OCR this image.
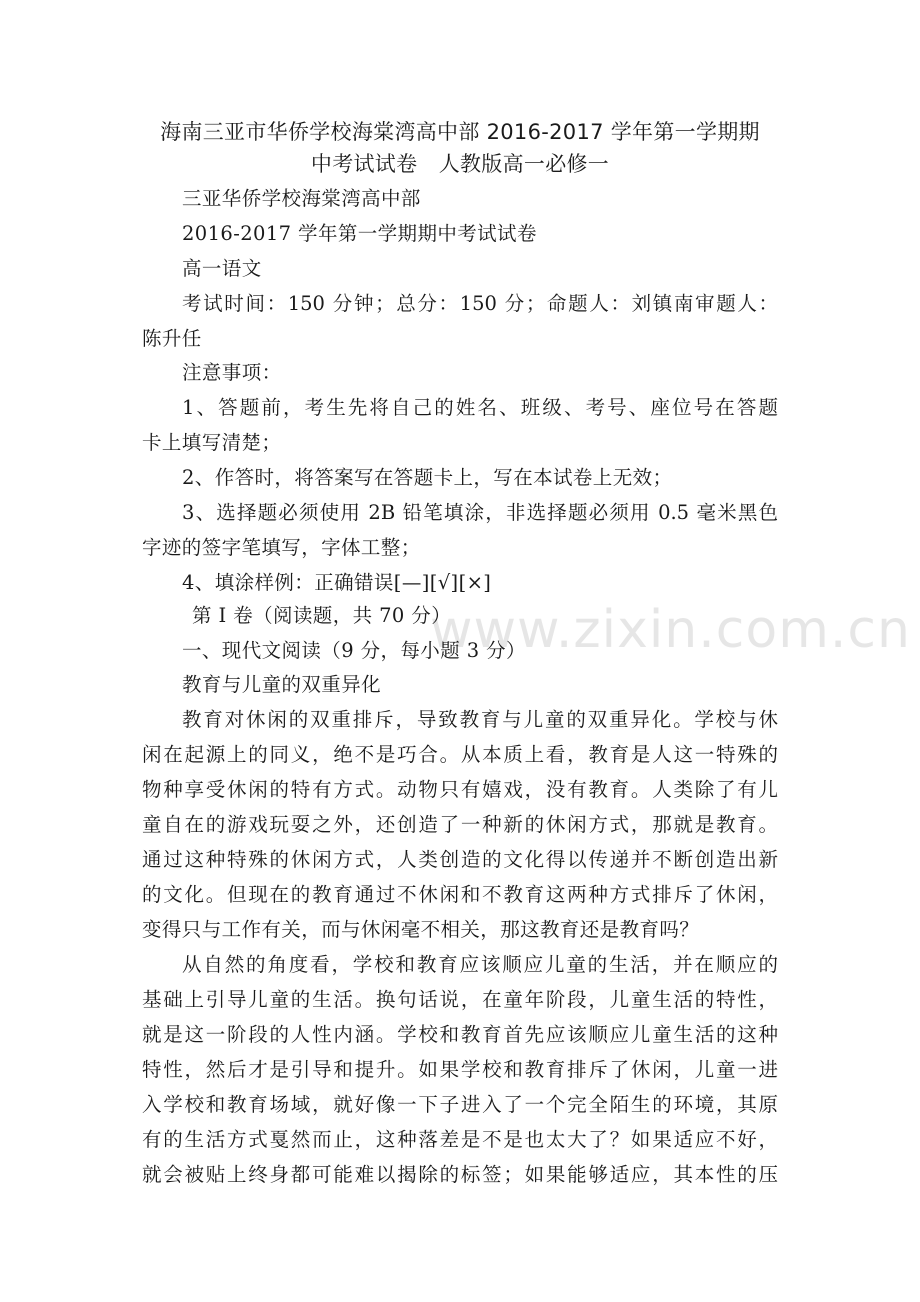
www.zixin.com.cn
海南三亚市华侨学校海棠湾高中部 2016-2017 学年第一学期期
中考试试卷　人教版高一必修一
三亚华侨学校海棠湾高中部
2016-2017 学年第一学期期中考试试卷
高一语文
考试时间：150 分钟；总分：150 分；命题人：刘镇南审题人：
陈升任
注意事项：
1、答题前，考生先将自己的姓名、班级、考号、座位号在答题
卡上填写清楚；
2、作答时，将答案写在答题卡上，写在本试卷上无效；
3、选择题必须使用 2B 铅笔填涂，非选择题必须用 0.5 毫米黑色
字迹的签字笔填写，字体工整；
4、填涂样例：正确错误[—][√][×]
第 I 卷（阅读题，共 70 分）
一、现代文阅读（9 分，每小题 3 分）
教育与儿童的双重异化
教育对休闲的双重排斥，导致教育与儿童的双重异化。学校与休
闲在起源上的同义，绝不是巧合。从本质上看，教育是人这一特殊的
物种享受休闲的特有方式。动物只有嬉戏，没有教育。人类除了有儿
童自在的游戏玩耍之外，还创造了一种新的休闲方式，那就是教育。
通过这种特殊的休闲方式，人类创造的文化得以传递并不断创造出新
的文化。但现在的教育通过不休闲和不教育这两种方式排斥了休闲，
变得只与工作有关，而与休闲毫不相关，那这教育还是教育吗？
从自然的角度看，学校和教育应该顺应儿童的生活，并在顺应的
基础上引导儿童的生活。换句话说，在童年阶段，儿童生活的特性，
就是这一阶段的人性内涵。学校和教育首先应该顺应儿童生活的这种
特性，然后才是引导和提升。如果学校和教育排斥了休闲，儿童一进
入学校和教育场域，就好像一下子进入了一个完全陌生的环境，其原
有的生活方式戛然而止，这种落差是不是也太大了？如果适应不好，
就会被贴上终身都可能难以揭除的标签；如果能够适应，其本性的压
